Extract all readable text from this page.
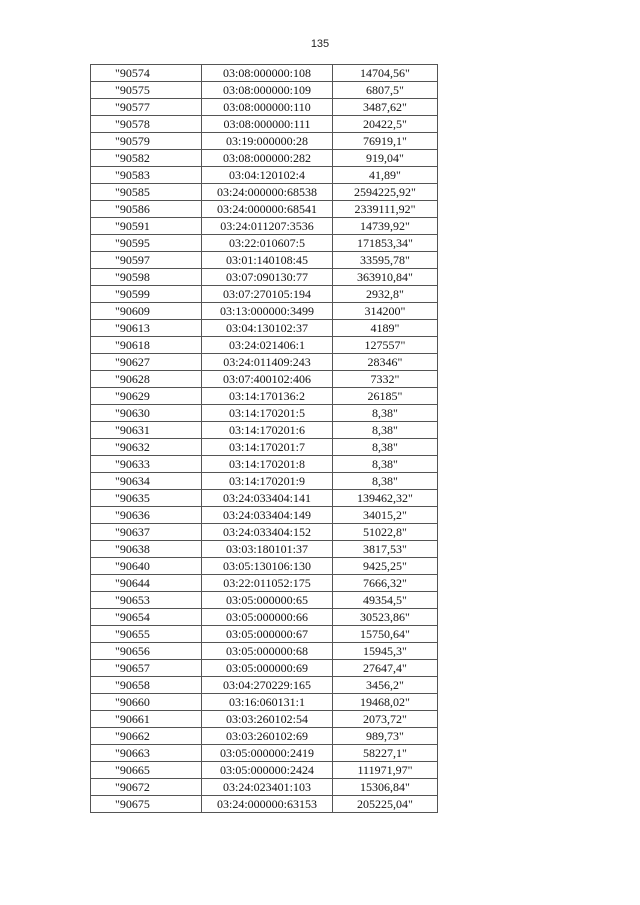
135
"90574	03:08:000000:108	14704,56"
"90575	03:08:000000:109	6807,5"
"90577	03:08:000000:110	3487,62"
"90578	03:08:000000:111	20422,5"
"90579	03:19:000000:28	76919,1"
"90582	03:08:000000:282	919,04"
"90583	03:04:120102:4	41,89"
"90585	03:24:000000:68538	2594225,92"
"90586	03:24:000000:68541	2339111,92"
"90591	03:24:011207:3536	14739,92"
"90595	03:22:010607:5	171853,34"
"90597	03:01:140108:45	33595,78"
"90598	03:07:090130:77	363910,84"
"90599	03:07:270105:194	2932,8"
"90609	03:13:000000:3499	314200"
"90613	03:04:130102:37	4189"
"90618	03:24:021406:1	127557"
"90627	03:24:011409:243	28346"
"90628	03:07:400102:406	7332"
"90629	03:14:170136:2	26185"
"90630	03:14:170201:5	8,38"
"90631	03:14:170201:6	8,38"
"90632	03:14:170201:7	8,38"
"90633	03:14:170201:8	8,38"
"90634	03:14:170201:9	8,38"
"90635	03:24:033404:141	139462,32"
"90636	03:24:033404:149	34015,2"
"90637	03:24:033404:152	51022,8"
"90638	03:03:180101:37	3817,53"
"90640	03:05:130106:130	9425,25"
"90644	03:22:011052:175	7666,32"
"90653	03:05:000000:65	49354,5"
"90654	03:05:000000:66	30523,86"
"90655	03:05:000000:67	15750,64"
"90656	03:05:000000:68	15945,3"
"90657	03:05:000000:69	27647,4"
"90658	03:04:270229:165	3456,2"
"90660	03:16:060131:1	19468,02"
"90661	03:03:260102:54	2073,72"
"90662	03:03:260102:69	989,73"
"90663	03:05:000000:2419	58227,1"
"90665	03:05:000000:2424	111971,97"
"90672	03:24:023401:103	15306,84"
"90675	03:24:000000:63153	205225,04"
